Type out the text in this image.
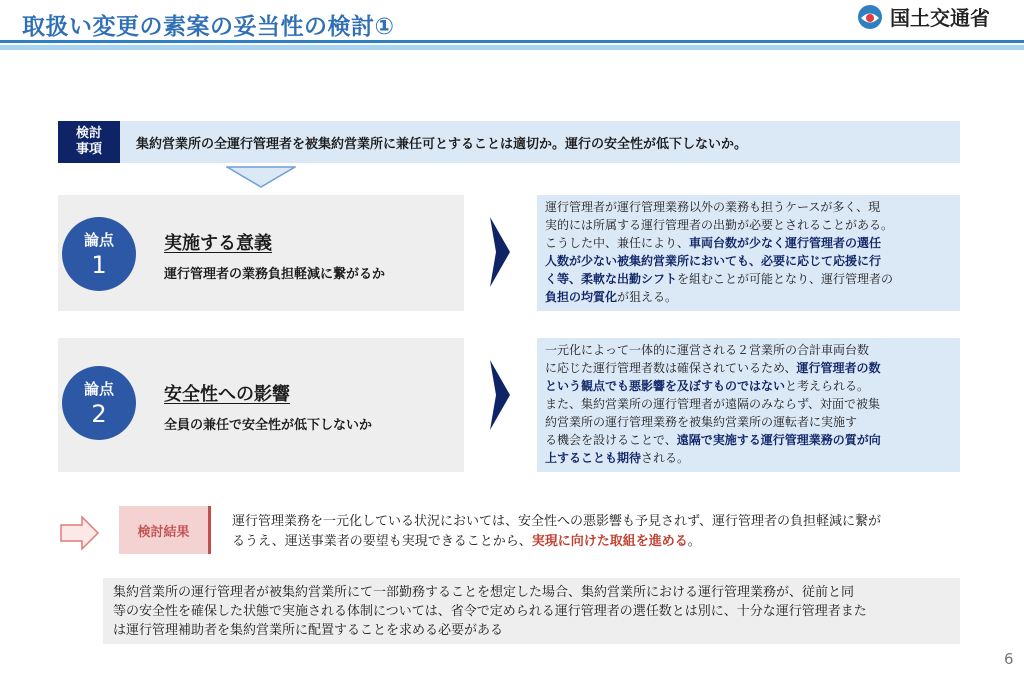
取扱い変更の素案の妥当性の検討①	国土交通省
検討
事項	集約営業所の全運行管理者を被集約営業所に兼任可とすることは適切か。運行の安全性が低下しないか。
論点
1
実施する意義
運行管理者の業務負担軽減に繋がるか
運行管理者が運行管理業務以外の業務も担うケースが多く、現
実的には所属する運行管理者の出勤が必要とされることがある。
こうした中、兼任により、車両台数が少なく運行管理者の選任
人数が少ない被集約営業所においても、必要に応じて応援に行
く等、柔軟な出勤シフトを組むことが可能となり、運行管理者の
負担の均質化が狙える。
論点
2
安全性への影響
全員の兼任で安全性が低下しないか
一元化によって一体的に運営される２営業所の合計車両台数
に応じた運行管理者数は確保されているため、運行管理者の数
という観点でも悪影響を及ぼすものではないと考えられる。
また、集約営業所の運行管理者が遠隔のみならず、対面で被集
約営業所の運行管理業務を被集約営業所の運転者に実施す
る機会を設けることで、遠隔で実施する運行管理業務の質が向
上することも期待される。
検討結果
運行管理業務を一元化している状況においては、安全性への悪影響も予見されず、運行管理者の負担軽減に繋が
るうえ、運送事業者の要望も実現できることから、実現に向けた取組を進める。
集約営業所の運行管理者が被集約営業所にて一部勤務することを想定した場合、集約営業所における運行管理業務が、従前と同
等の安全性を確保した状態で実施される体制については、省令で定められる運行管理者の選任数とは別に、十分な運行管理者また
は運行管理補助者を集約営業所に配置することを求める必要がある
6
